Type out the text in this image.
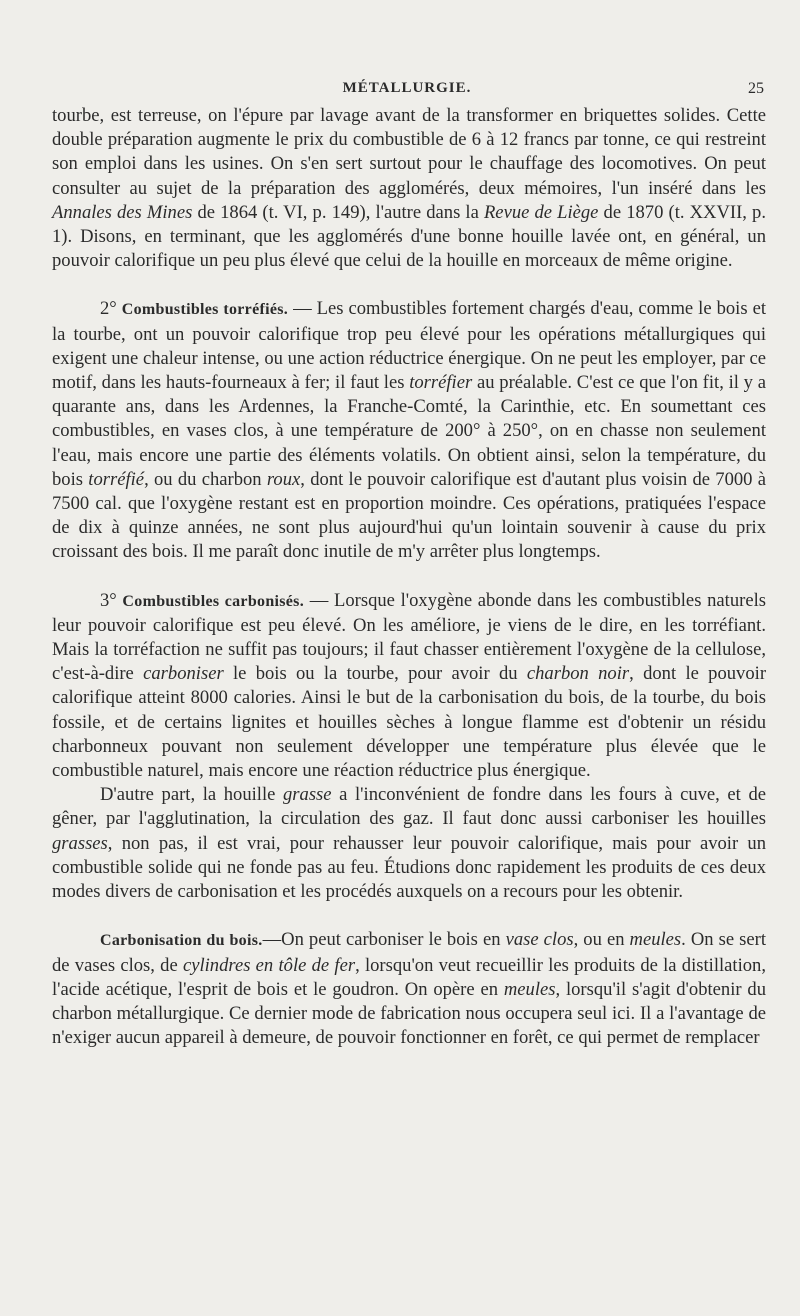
MÉTALLURGIE.	25

tourbe, est terreuse, on l'épure par lavage avant de la transformer en briquettes solides. Cette double préparation augmente le prix du combustible de 6 à 12 francs par tonne, ce qui restreint son emploi dans les usines. On s'en sert surtout pour le chauffage des locomotives. On peut consulter au sujet de la préparation des agglomérés, deux mémoires, l'un inséré dans les Annales des Mines de 1864 (t. VI, p. 149), l'autre dans la Revue de Liège de 1870 (t. XXVII, p. 1). Disons, en terminant, que les agglomérés d'une bonne houille lavée ont, en général, un pouvoir calorifique un peu plus élevé que celui de la houille en morceaux de même origine.

2° Combustibles torréfiés. — Les combustibles fortement chargés d'eau, comme le bois et la tourbe, ont un pouvoir calorifique trop peu élevé pour les opérations métallurgiques qui exigent une chaleur intense, ou une action réductrice énergique. On ne peut les employer, par ce motif, dans les hauts-fourneaux à fer; il faut les torréfier au préalable. C'est ce que l'on fit, il y a quarante ans, dans les Ardennes, la Franche-Comté, la Carinthie, etc. En soumettant ces combustibles, en vases clos, à une température de 200° à 250°, on en chasse non seulement l'eau, mais encore une partie des éléments volatils. On obtient ainsi, selon la température, du bois torréfié, ou du charbon roux, dont le pouvoir calorifique est d'autant plus voisin de 7000 à 7500 cal. que l'oxygène restant est en proportion moindre. Ces opérations, pratiquées l'espace de dix à quinze années, ne sont plus aujourd'hui qu'un lointain souvenir à cause du prix croissant des bois. Il me paraît donc inutile de m'y arrêter plus longtemps.

3° Combustibles carbonisés. — Lorsque l'oxygène abonde dans les combustibles naturels leur pouvoir calorifique est peu élevé. On les améliore, je viens de le dire, en les torréfiant. Mais la torréfaction ne suffit pas toujours; il faut chasser entièrement l'oxygène de la cellulose, c'est-à-dire carboniser le bois ou la tourbe, pour avoir du charbon noir, dont le pouvoir calorifique atteint 8000 calories. Ainsi le but de la carbonisation du bois, de la tourbe, du bois fossile, et de certains lignites et houilles sèches à longue flamme est d'obtenir un résidu charbonneux pouvant non seulement développer une température plus élevée que le combustible naturel, mais encore une réaction réductrice plus énergique.

D'autre part, la houille grasse a l'inconvénient de fondre dans les fours à cuve, et de gêner, par l'agglutination, la circulation des gaz. Il faut donc aussi carboniser les houilles grasses, non pas, il est vrai, pour rehausser leur pouvoir calorifique, mais pour avoir un combustible solide qui ne fonde pas au feu. Étudions donc rapidement les produits de ces deux modes divers de carbonisation et les procédés auxquels on a recours pour les obtenir.

Carbonisation du bois.—On peut carboniser le bois en vase clos, ou en meules. On se sert de vases clos, de cylindres en tôle de fer, lorsqu'on veut recueillir les produits de la distillation, l'acide acétique, l'esprit de bois et le goudron. On opère en meules, lorsqu'il s'agit d'obtenir du charbon métallurgique. Ce dernier mode de fabrication nous occupera seul ici. Il a l'avantage de n'exiger aucun appareil à demeure, de pouvoir fonctionner en forêt, ce qui permet de remplacer
